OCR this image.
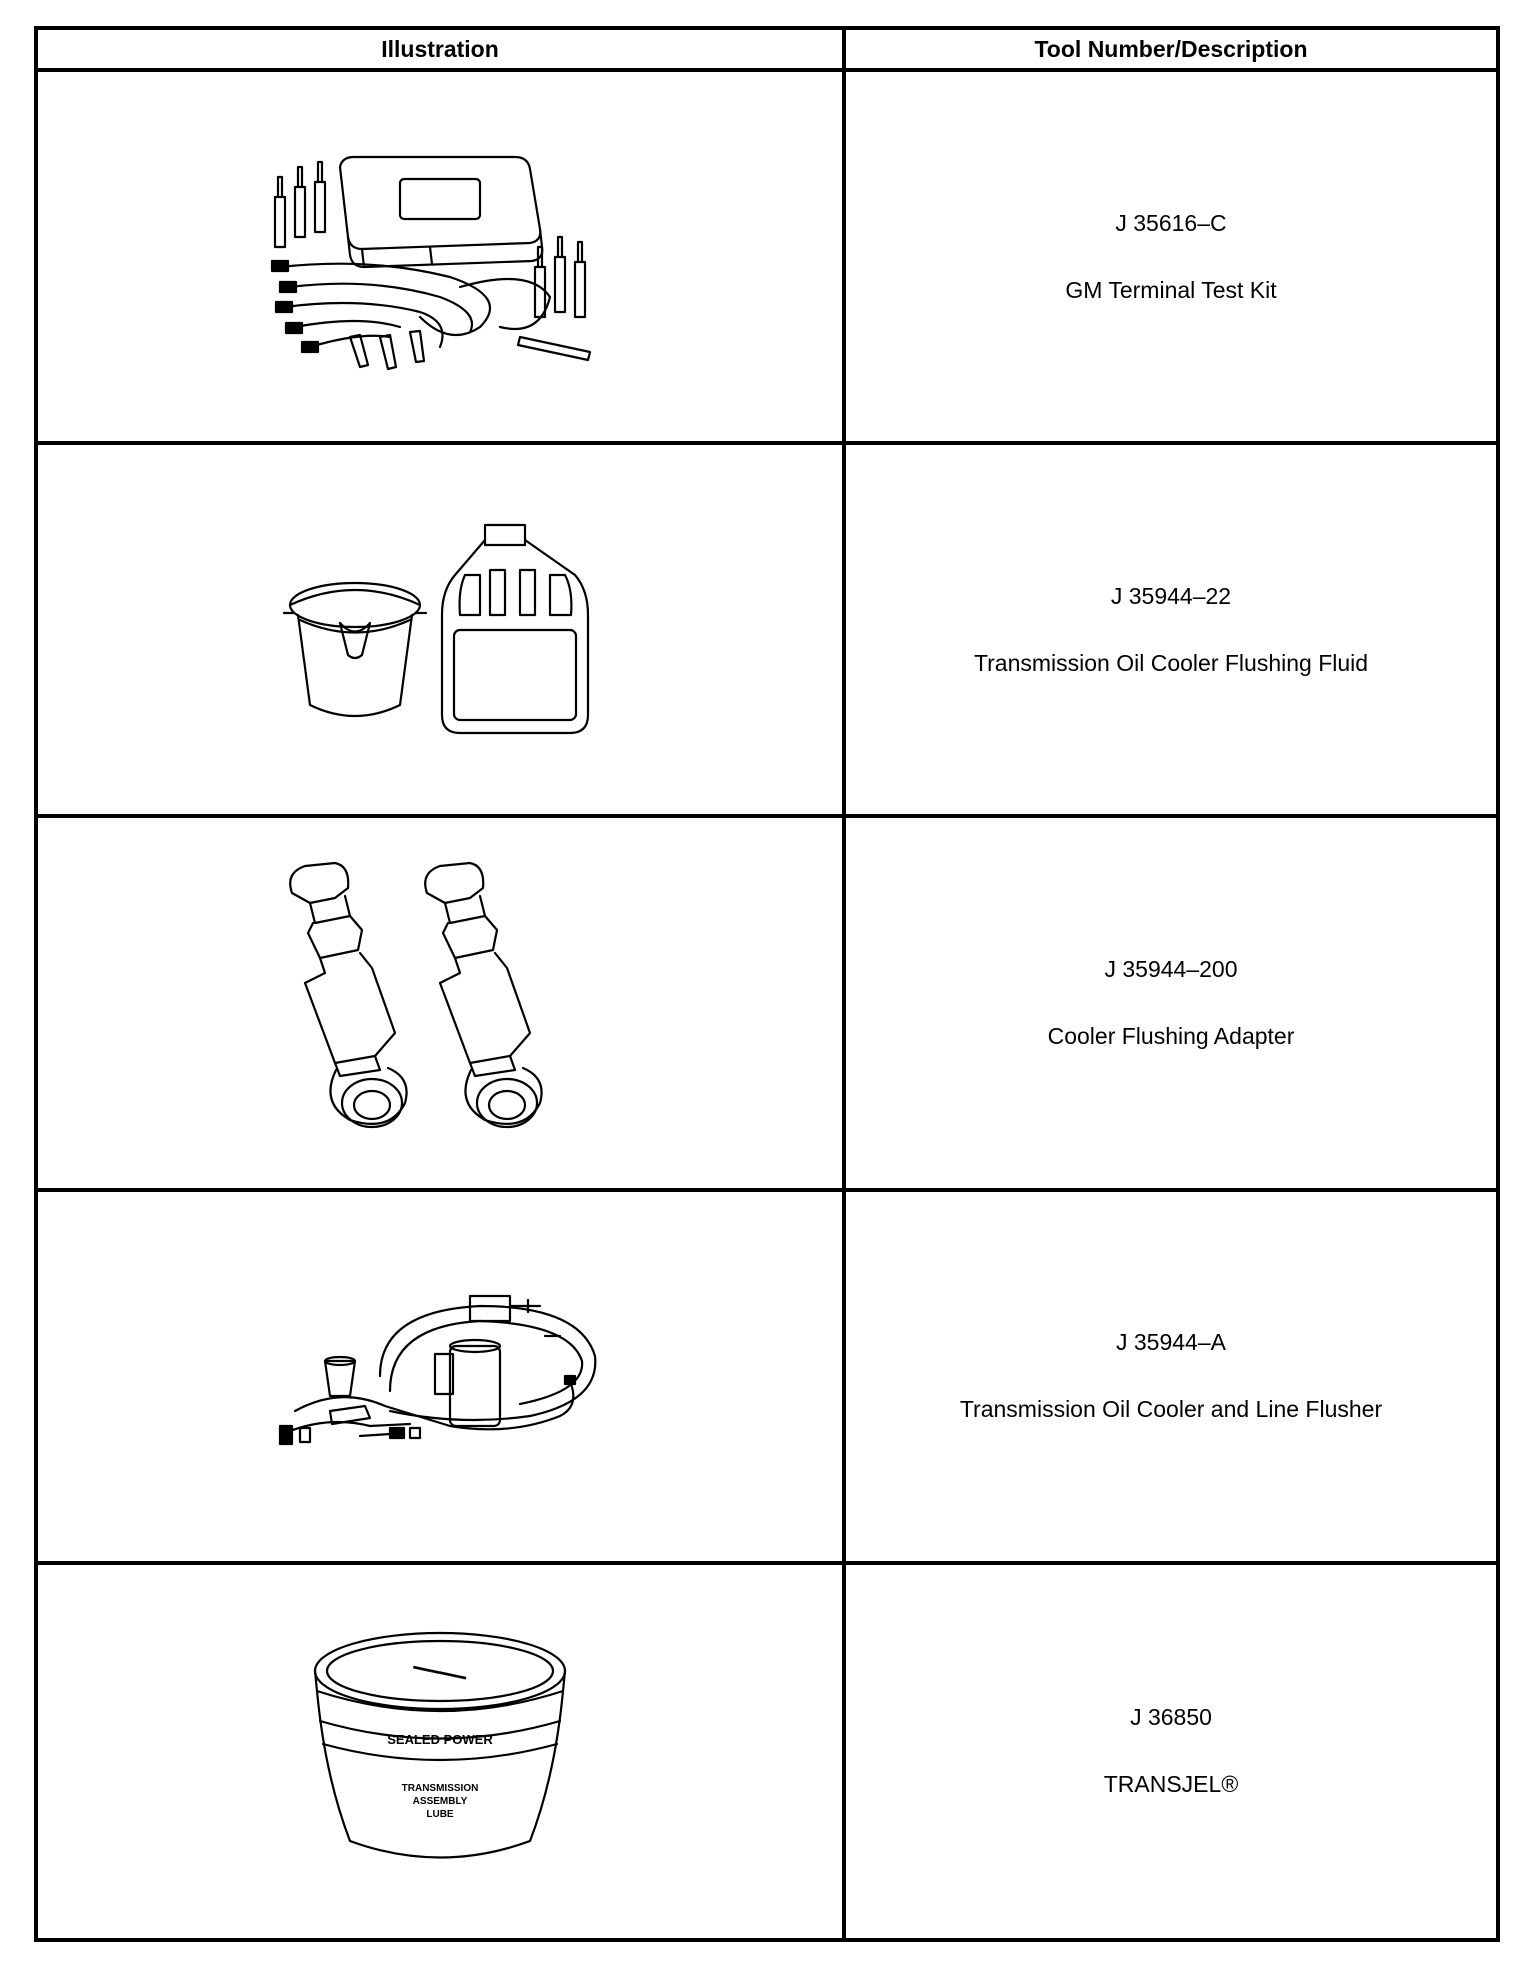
Illustration	Tool Number/Description
J 35616–C
GM Terminal Test Kit
J 35944–22
Transmission Oil Cooler Flushing Fluid
J 35944–200
Cooler Flushing Adapter
J 35944–A
Transmission Oil Cooler and Line Flusher
▬▬▬▬▬▬
SEALED POWER
TRANSMISSION
ASSEMBLY
LUBE
J 36850
TRANSJEL®
